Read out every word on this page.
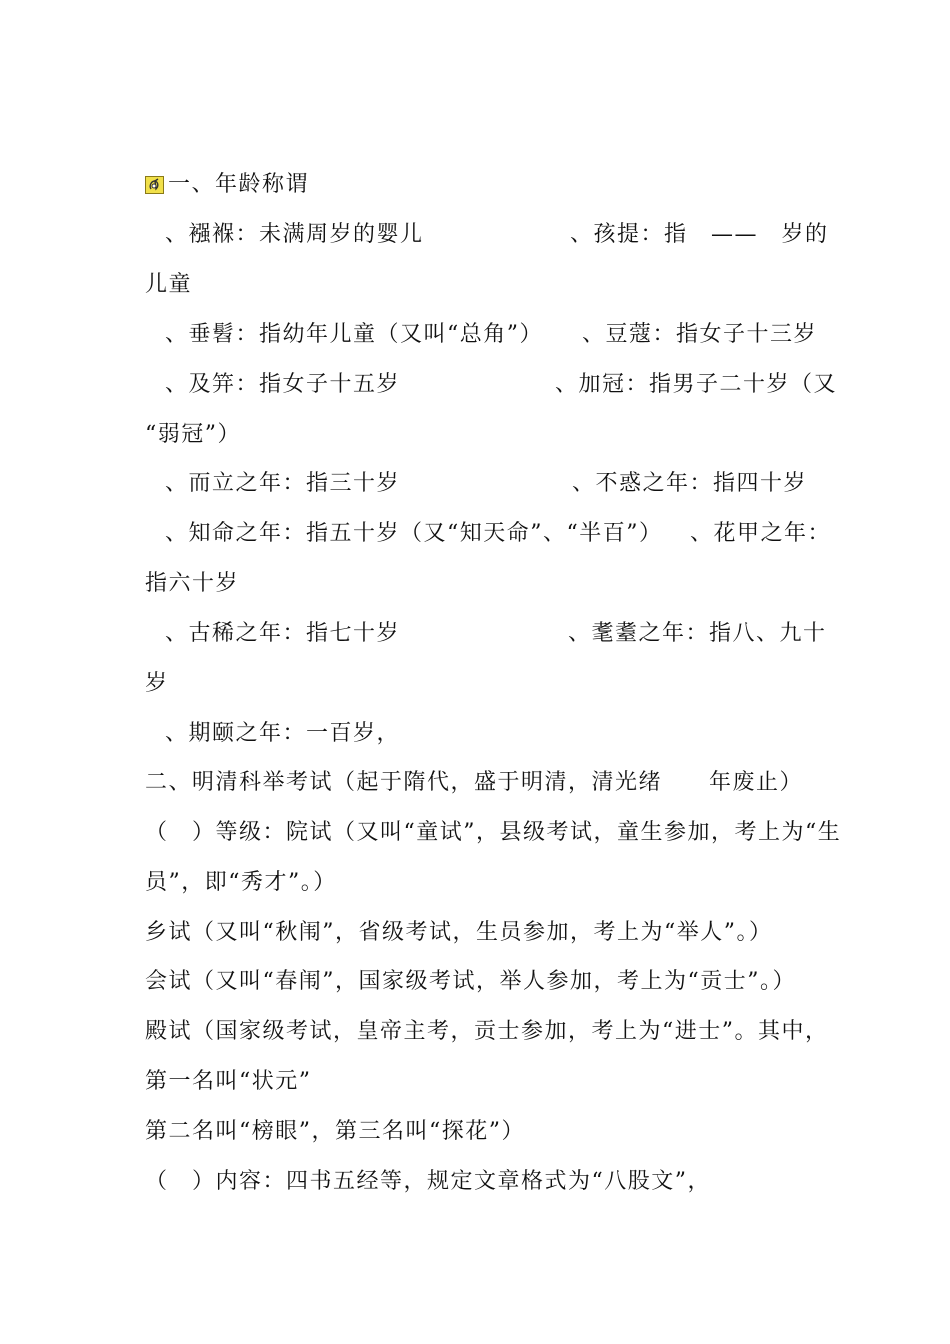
一、年龄称谓
、襁褓：未满周岁的婴儿	、孩提：指　——　岁的
儿童
、垂髫：指幼年儿童（又叫“总角”） 、豆蔻：指女子十三岁
、及笄：指女子十五岁	、加冠：指男子二十岁（又
“弱冠”）
、而立之年：指三十岁	、不惑之年：指四十岁
、知命之年：指五十岁（又“知天命”、“半百”） 、花甲之年：
指六十岁
、古稀之年：指七十岁	、耄耋之年：指八、九十
岁
、期颐之年：一百岁，
二、明清科举考试（起于隋代，盛于明清，清光绪　　年废止）
（　）等级：院试（又叫“童试”，县级考试，童生参加，考上为“生
员”，即“秀才”。）
乡试（又叫“秋闱”，省级考试，生员参加，考上为“举人”。）
会试（又叫“春闱”，国家级考试，举人参加，考上为“贡士”。）
殿试（国家级考试，皇帝主考，贡士参加，考上为“进士”。其中，
第一名叫“状元”
第二名叫“榜眼”，第三名叫“探花”）
（　）内容：四书五经等，规定文章格式为“八股文”，
